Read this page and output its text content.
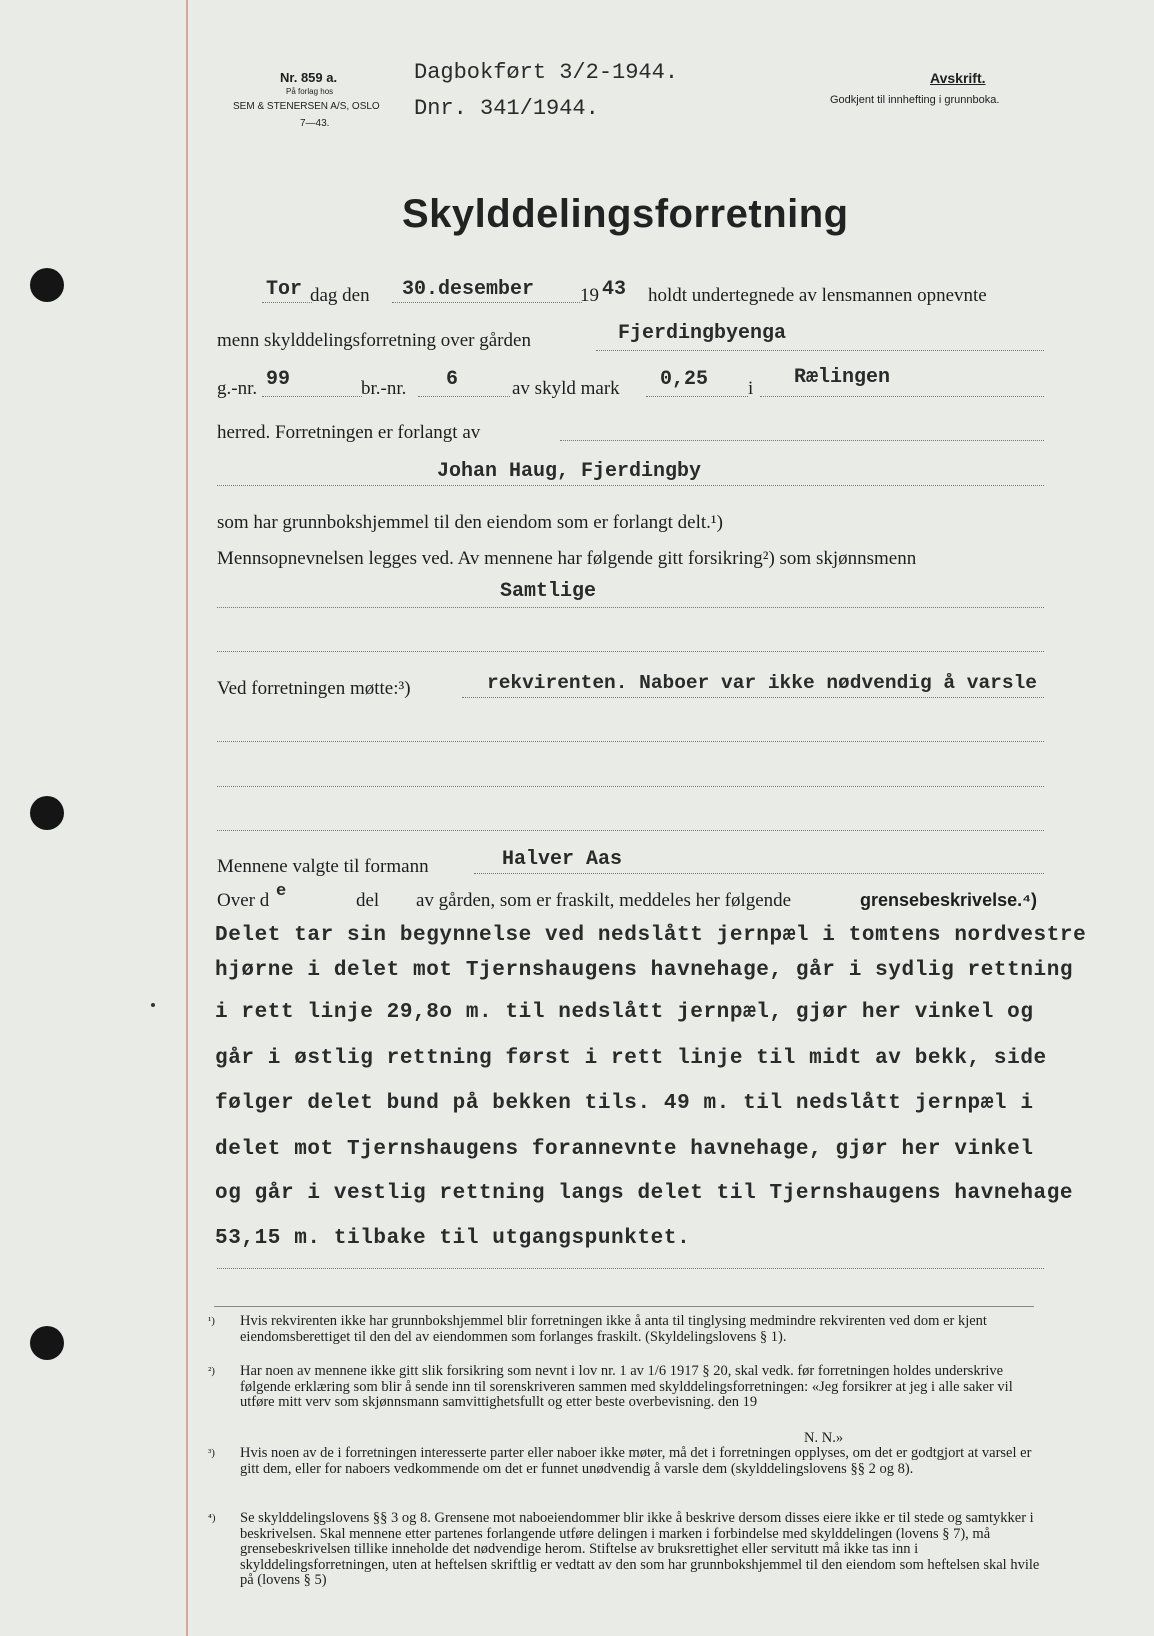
Nr. 859 a.
På forlag hos
SEM & STENERSEN A/S, OSLO
7—43.
Dagbokført 3/2-1944.
Dnr. 341/1944.
Avskrift.
Godkjent til innhefting i grunnboka.
Skylddelingsforretning
Tor dag den 30.desember 19 43 holdt undertegnede av lensmannen opnevnte
menn skylddelingsforretning over gården	Fjerdingbyenga
g.-nr. 99	br.-nr. 6	av skyld mark 0,25 i Rælingen
herred. Forretningen er forlangt av
Johan Haug, Fjerdingby
som har grunnbokshjemmel til den eiendom som er forlangt delt.¹)
Mennsopnevnelsen legges ved. Av mennene har følgende gitt forsikring²) som skjønnsmenn
Samtlige
Ved forretningen møtte:³)	rekvirenten. Naboer var ikke nødvendig å varsle
Mennene valgte til formann	Halver Aas
Over d e	del av gården, som er fraskilt, meddeles her følgende	grensebeskrivelse.⁴)
Delet tar sin begynnelse ved nedslått jernpæl i tomtens nordvestre
hjørne i delet mot Tjernshaugens havnehage, går i sydlig rettning
i rett linje 29,8o m. til nedslått jernpæl, gjør her vinkel og
går i østlig rettning først i rett linje til midt av bekk, side
følger delet bund på bekken tils. 49 m. til nedslått jernpæl i
delet mot Tjernshaugens forannevnte havnehage, gjør her vinkel
og går i vestlig rettning langs delet til Tjernshaugens havnehage
53,15 m. tilbake til utgangspunktet.
¹) Hvis rekvirenten ikke har grunnbokshjemmel blir forretningen ikke å anta til tinglysing medmindre rekvirenten ved dom er kjent eiendomsberettiget til den del av eiendommen som forlanges fraskilt. (Skyldelingslovens § 1).

²) Har noen av mennene ikke gitt slik forsikring som nevnt i lov nr. 1 av 1/6 1917 § 20, skal vedk. før forretningen holdes underskrive følgende erklæring som blir å sende inn til sorenskriveren sammen med skylddelingsforretningen: «Jeg forsikrer at jeg i alle saker vil utføre mitt verv som skjønnsmann samvittighetsfullt og etter beste overbevisning. den 19

N. N.»
³) Hvis noen av de i forretningen interesserte parter eller naboer ikke møter, må det i forretningen opplyses, om det er godtgjort at varsel er gitt dem, eller for naboers vedkommende om det er funnet unødvendig å varsle dem (skylddelingslovens §§ 2 og 8).

⁴) Se skylddelingslovens §§ 3 og 8. Grensene mot naboeiendommer blir ikke å beskrive dersom disses eiere ikke er til stede og samtykker i beskrivelsen. Skal mennene etter partenes forlangende utføre delingen i marken i forbindelse med skylddelingen (lovens § 7), må grensebeskrivelsen tillike inneholde det nødvendige herom. Stiftelse av bruksrettighet eller servitutt må ikke tas inn i skylddelingsforretningen, uten at heftelsen skriftlig er vedtatt av den som har grunnbokshjemmel til den eiendom som heftelsen skal hvile på (lovens § 5)
